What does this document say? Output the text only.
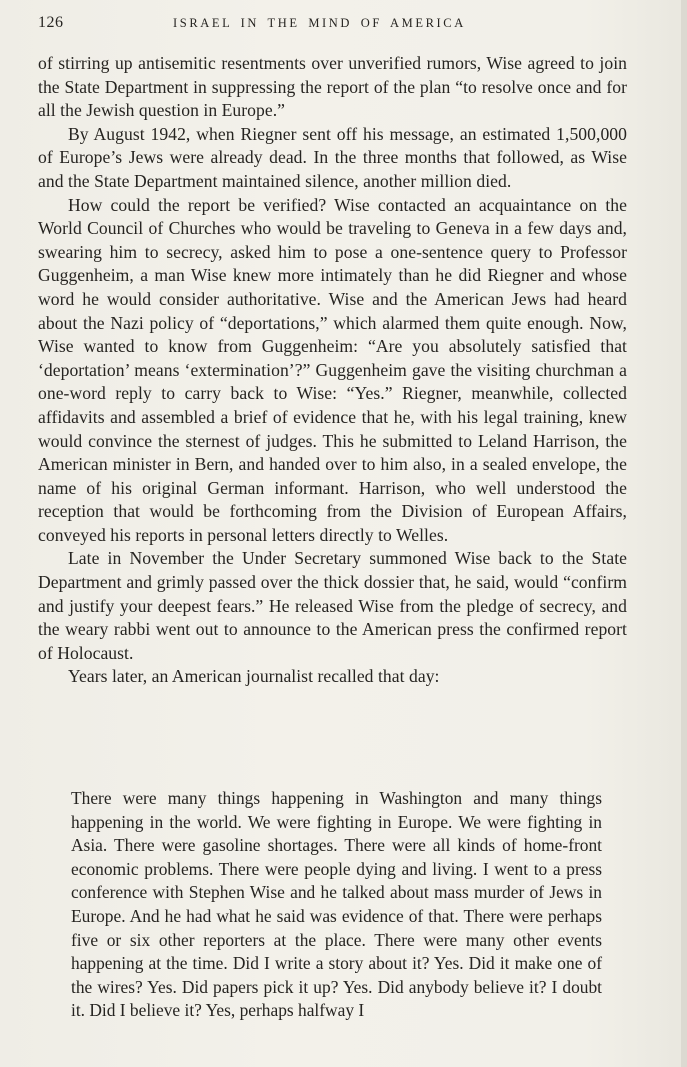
126	ISRAEL IN THE MIND OF AMERICA

of stirring up antisemitic resentments over unverified rumors, Wise agreed to join the State Department in suppressing the report of the plan “to resolve once and for all the Jewish question in Europe.”

By August 1942, when Riegner sent off his message, an estimated 1,500,000 of Europe’s Jews were already dead. In the three months that followed, as Wise and the State Department maintained silence, another million died.

How could the report be verified? Wise contacted an acquaintance on the World Council of Churches who would be traveling to Geneva in a few days and, swearing him to secrecy, asked him to pose a one-sentence query to Professor Guggenheim, a man Wise knew more intimately than he did Riegner and whose word he would consider authoritative. Wise and the American Jews had heard about the Nazi policy of “deportations,” which alarmed them quite enough. Now, Wise wanted to know from Guggenheim: “Are you absolutely satisfied that ‘deportation’ means ‘extermination’?” Guggenheim gave the visiting churchman a one-word reply to carry back to Wise: “Yes.” Riegner, meanwhile, collected affidavits and assembled a brief of evidence that he, with his legal training, knew would convince the sternest of judges. This he submitted to Leland Harrison, the American minister in Bern, and handed over to him also, in a sealed envelope, the name of his original German informant. Harrison, who well understood the reception that would be forthcoming from the Division of European Affairs, conveyed his reports in personal letters directly to Welles.

Late in November the Under Secretary summoned Wise back to the State Department and grimly passed over the thick dossier that, he said, would “confirm and justify your deepest fears.” He released Wise from the pledge of secrecy, and the weary rabbi went out to announce to the American press the confirmed report of Holocaust.

Years later, an American journalist recalled that day:

There were many things happening in Washington and many things happening in the world. We were fighting in Europe. We were fighting in Asia. There were gasoline shortages. There were all kinds of home-front economic problems. There were people dying and living. I went to a press conference with Stephen Wise and he talked about mass murder of Jews in Europe. And he had what he said was evidence of that. There were perhaps five or six other reporters at the place. There were many other events happening at the time. Did I write a story about it? Yes. Did it make one of the wires? Yes. Did papers pick it up? Yes. Did anybody believe it? I doubt it. Did I believe it? Yes, perhaps halfway I
